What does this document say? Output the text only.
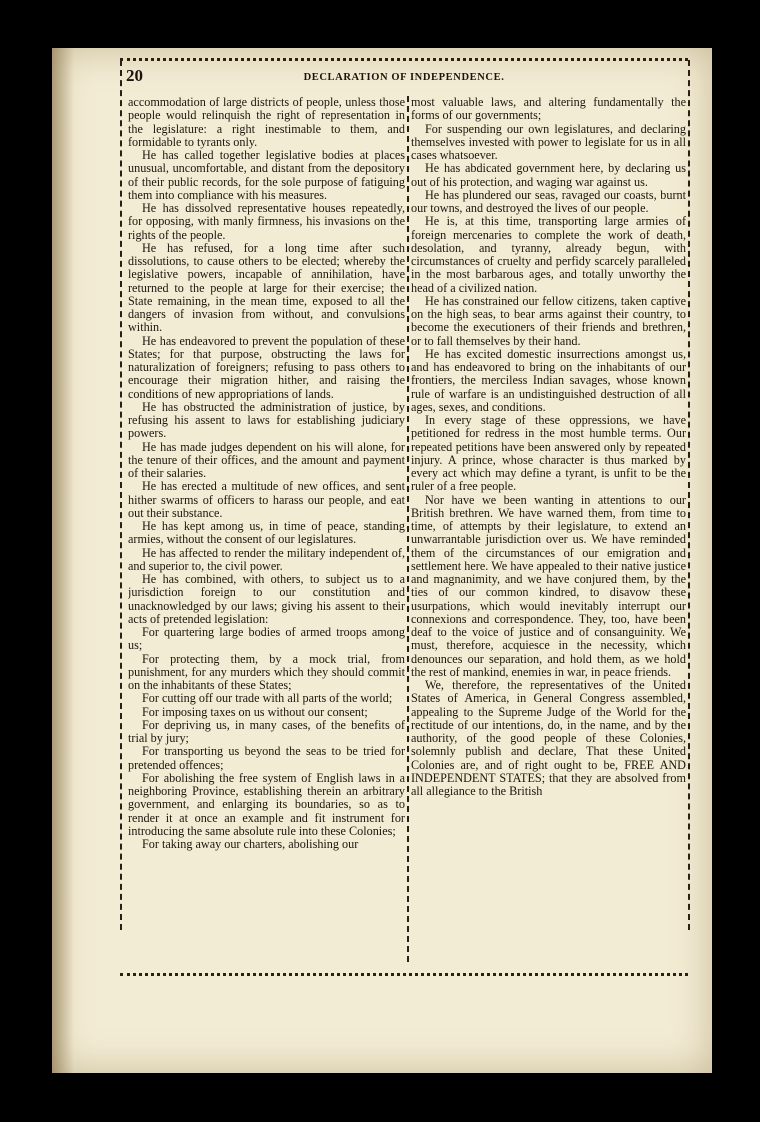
20	DECLARATION OF INDEPENDENCE.

accommodation of large districts of people, unless those people would relinquish the right of representation in the legislature: a right inestimable to them, and formidable to tyrants only.

He has called together legislative bodies at places unusual, uncomfortable, and distant from the depository of their public records, for the sole purpose of fatiguing them into compliance with his measures.

He has dissolved representative houses repeatedly, for opposing, with manly firmness, his invasions on the rights of the people.

He has refused, for a long time after such dissolutions, to cause others to be elected; whereby the legislative powers, incapable of annihilation, have returned to the people at large for their exercise; the State remaining, in the mean time, exposed to all the dangers of invasion from without, and convulsions within.

He has endeavored to prevent the population of these States; for that purpose, obstructing the laws for naturalization of foreigners; refusing to pass others to encourage their migration hither, and raising the conditions of new appropriations of lands.

He has obstructed the administration of justice, by refusing his assent to laws for establishing judiciary powers.

He has made judges dependent on his will alone, for the tenure of their offices, and the amount and payment of their salaries.

He has erected a multitude of new offices, and sent hither swarms of officers to harass our people, and eat out their substance.

He has kept among us, in time of peace, standing armies, without the consent of our legislatures.

He has affected to render the military independent of, and superior to, the civil power.

He has combined, with others, to subject us to a jurisdiction foreign to our constitution and unacknowledged by our laws; giving his assent to their acts of pretended legislation:

For quartering large bodies of armed troops among us;

For protecting them, by a mock trial, from punishment, for any murders which they should commit on the inhabitants of these States;

For cutting off our trade with all parts of the world;

For imposing taxes on us without our consent;

For depriving us, in many cases, of the benefits of trial by jury;

For transporting us beyond the seas to be tried for pretended offences;

For abolishing the free system of English laws in a neighboring Province, establishing therein an arbitrary government, and enlarging its boundaries, so as to render it at once an example and fit instrument for introducing the same absolute rule into these Colonies;

For taking away our charters, abolishing our

most valuable laws, and altering fundamentally the forms of our governments;

For suspending our own legislatures, and declaring themselves invested with power to legislate for us in all cases whatsoever.

He has abdicated government here, by declaring us out of his protection, and waging war against us.

He has plundered our seas, ravaged our coasts, burnt our towns, and destroyed the lives of our people.

He is, at this time, transporting large armies of foreign mercenaries to complete the work of death, desolation, and tyranny, already begun, with circumstances of cruelty and perfidy scarcely paralleled in the most barbarous ages, and totally unworthy the head of a civilized nation.

He has constrained our fellow citizens, taken captive on the high seas, to bear arms against their country, to become the executioners of their friends and brethren, or to fall themselves by their hand.

He has excited domestic insurrections amongst us, and has endeavored to bring on the inhabitants of our frontiers, the merciless Indian savages, whose known rule of warfare is an undistinguished destruction of all ages, sexes, and conditions.

In every stage of these oppressions, we have petitioned for redress in the most humble terms. Our repeated petitions have been answered only by repeated injury. A prince, whose character is thus marked by every act which may define a tyrant, is unfit to be the ruler of a free people.

Nor have we been wanting in attentions to our British brethren. We have warned them, from time to time, of attempts by their legislature, to extend an unwarrantable jurisdiction over us. We have reminded them of the circumstances of our emigration and settlement here. We have appealed to their native justice and magnanimity, and we have conjured them, by the ties of our common kindred, to disavow these usurpations, which would inevitably interrupt our connexions and correspondence. They, too, have been deaf to the voice of justice and of consanguinity. We must, therefore, acquiesce in the necessity, which denounces our separation, and hold them, as we hold the rest of mankind, enemies in war, in peace friends.

We, therefore, the representatives of the United States of America, in General Congress assembled, appealing to the Supreme Judge of the World for the rectitude of our intentions, do, in the name, and by the authority, of the good people of these Colonies, solemnly publish and declare, That these United Colonies are, and of right ought to be, FREE AND INDEPENDENT STATES; that they are absolved from all allegiance to the British
